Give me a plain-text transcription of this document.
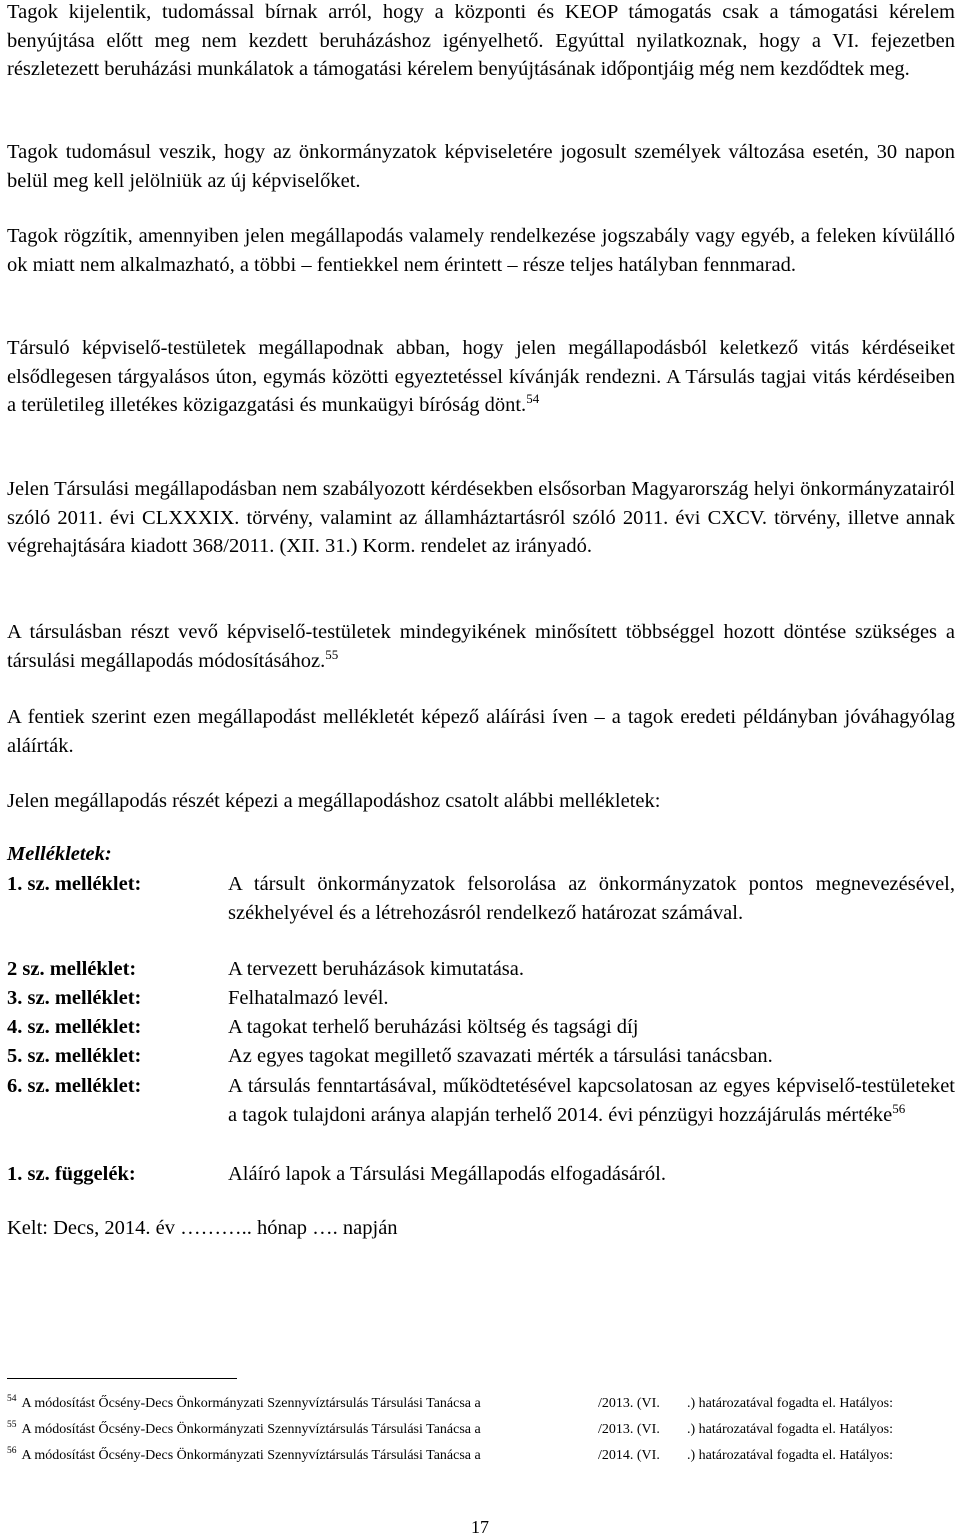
Tagok kijelentik, tudomással bírnak arról, hogy a központi és KEOP támogatás csak a támogatási kérelem benyújtása előtt meg nem kezdett beruházáshoz igényelhető. Egyúttal nyilatkoznak, hogy a VI. fejezetben részletezett beruházási munkálatok a támogatási kérelem benyújtásának időpontjáig még nem kezdődtek meg.

Tagok tudomásul veszik, hogy az önkormányzatok képviseletére jogosult személyek változása esetén, 30 napon belül meg kell jelölniük az új képviselőket.

Tagok rögzítik, amennyiben jelen megállapodás valamely rendelkezése jogszabály vagy egyéb, a feleken kívülálló ok miatt nem alkalmazható, a többi – fentiekkel nem érintett – része teljes hatályban fennmarad.

Társuló képviselő-testületek megállapodnak abban, hogy jelen megállapodásból keletkező vitás kérdéseiket elsődlegesen tárgyalásos úton, egymás közötti egyeztetéssel kívánják rendezni. A Társulás tagjai vitás kérdéseiben a területileg illetékes közigazgatási és munkaügyi bíróság dönt.$^{54}$

Jelen Társulási megállapodásban nem szabályozott kérdésekben elsősorban Magyarország helyi önkormányzatairól szóló 2011. évi CLXXXIX. törvény, valamint az államháztartásról szóló 2011. évi CXCV. törvény, illetve annak végrehajtására kiadott 368/2011. (XII. 31.) Korm. rendelet az irányadó.

A társulásban részt vevő képviselő-testületek mindegyikének minősített többséggel hozott döntése szükséges a társulási megállapodás módosításához.$^{55}$

A fentiek szerint ezen megállapodást mellékletét képező aláírási íven – a tagok eredeti példányban jóváhagyólag aláírták.

Jelen megállapodás részét képezi a megállapodáshoz csatolt alábbi mellékletek:

Mellékletek:
1. sz. melléklet:	A társult önkormányzatok felsorolása az önkormányzatok pontos megnevezésével, székhelyével és a létrehozásról rendelkező határozat számával.
2 sz. melléklet:	A tervezett beruházások kimutatása.
3. sz. melléklet:	Felhatalmazó levél.
4. sz. melléklet:	A tagokat terhelő beruházási költség és tagsági díj
5. sz. melléklet:	Az egyes tagokat megillető szavazati mérték a társulási tanácsban.
6. sz. melléklet:	A társulás fenntartásával, működtetésével kapcsolatosan az egyes képviselő-testületeket a tagok tulajdoni aránya alapján terhelő 2014. évi pénzügyi hozzájárulás mértéke$^{56}$
1. sz. függelék:	Aláíró lapok a Társulási Megállapodás elfogadásáról.

Kelt: Decs, 2014. év ……….. hónap …. napján

$^{54}$ A módosítást Őcsény-Decs Önkormányzati Szennyvíztársulás Társulási Tanácsa a	/2013. (VI. .) határozatával fogadta el. Hatályos:
$^{55}$ A módosítást Őcsény-Decs Önkormányzati Szennyvíztársulás Társulási Tanácsa a	/2013. (VI. .) határozatával fogadta el. Hatályos:
$^{56}$ A módosítást Őcsény-Decs Önkormányzati Szennyvíztársulás Társulási Tanácsa a	/2014. (VI. .) határozatával fogadta el. Hatályos:
17
